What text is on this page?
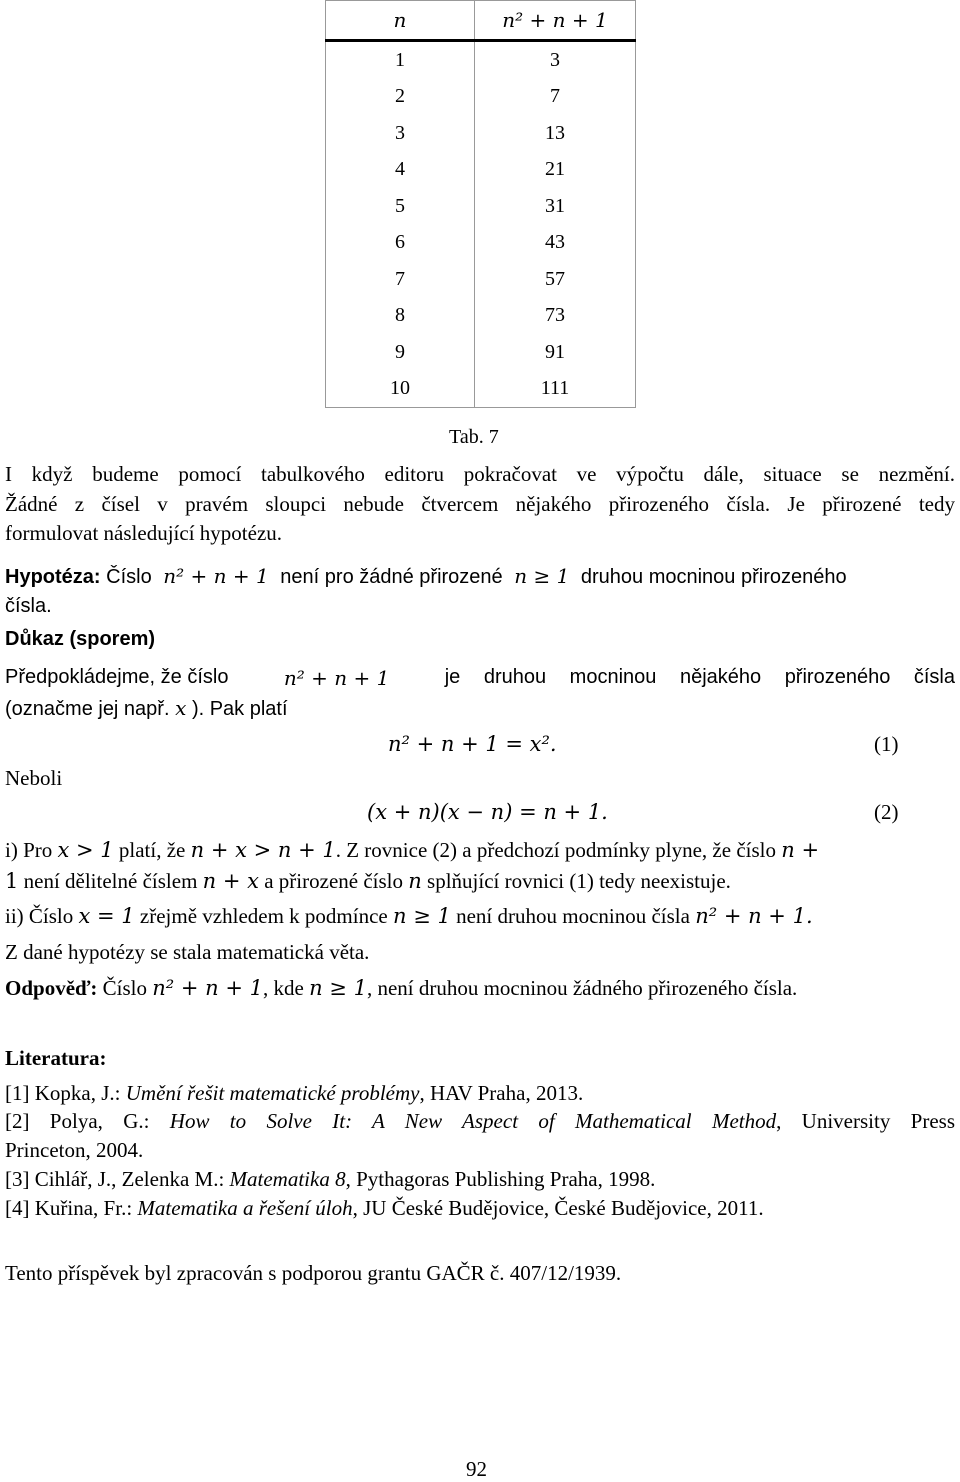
n	n² + n + 1
1	3
2	7
3	13
4	21
5	31
6	43
7	57
8	73
9	91
10	111
Tab. 7
I když budeme pomocí tabulkového editoru pokračovat ve výpočtu dále, situace se nezmění.
Žádné z čísel v pravém sloupci nebude čtvercem nějakého přirozeného čísla. Je přirozené tedy
formulovat následující hypotézu.
Hypotéza: Číslo n² + n + 1 není pro žádné přirozené n ≥ 1 druhou mocninou přirozeného
čísla.
Důkaz (sporem)
Předpokládejme, že číslo	n² + n + 1	je druhou mocninou nějakého přirozeného čísla
(označme jej např. x ). Pak platí
n² + n + 1 = x².	(1)
Neboli
(x + n)(x − n) = n + 1.	(2)
i) Pro x > 1 platí, že n + x > n + 1. Z rovnice (2) a předchozí podmínky plyne, že číslo n +
1 není dělitelné číslem n + x a přirozené číslo n splňující rovnici (1) tedy neexistuje.
ii) Číslo x = 1 zřejmě vzhledem k podmínce n ≥ 1 není druhou mocninou čísla n² + n + 1.
Z dané hypotézy se stala matematická věta.
Odpověď: Číslo n² + n + 1, kde n ≥ 1, není druhou mocninou žádného přirozeného čísla.
Literatura:
[1] Kopka, J.: Umění řešit matematické problémy, HAV Praha, 2013.
[2] Polya, G.: How to Solve It: A New Aspect of Mathematical Method, University Press
Princeton, 2004.
[3] Cihlář, J., Zelenka M.: Matematika 8, Pythagoras Publishing Praha, 1998.
[4] Kuřina, Fr.: Matematika a řešení úloh, JU České Budějovice, České Budějovice, 2011.
Tento příspěvek byl zpracován s podporou grantu GAČR č. 407/12/1939.
92
